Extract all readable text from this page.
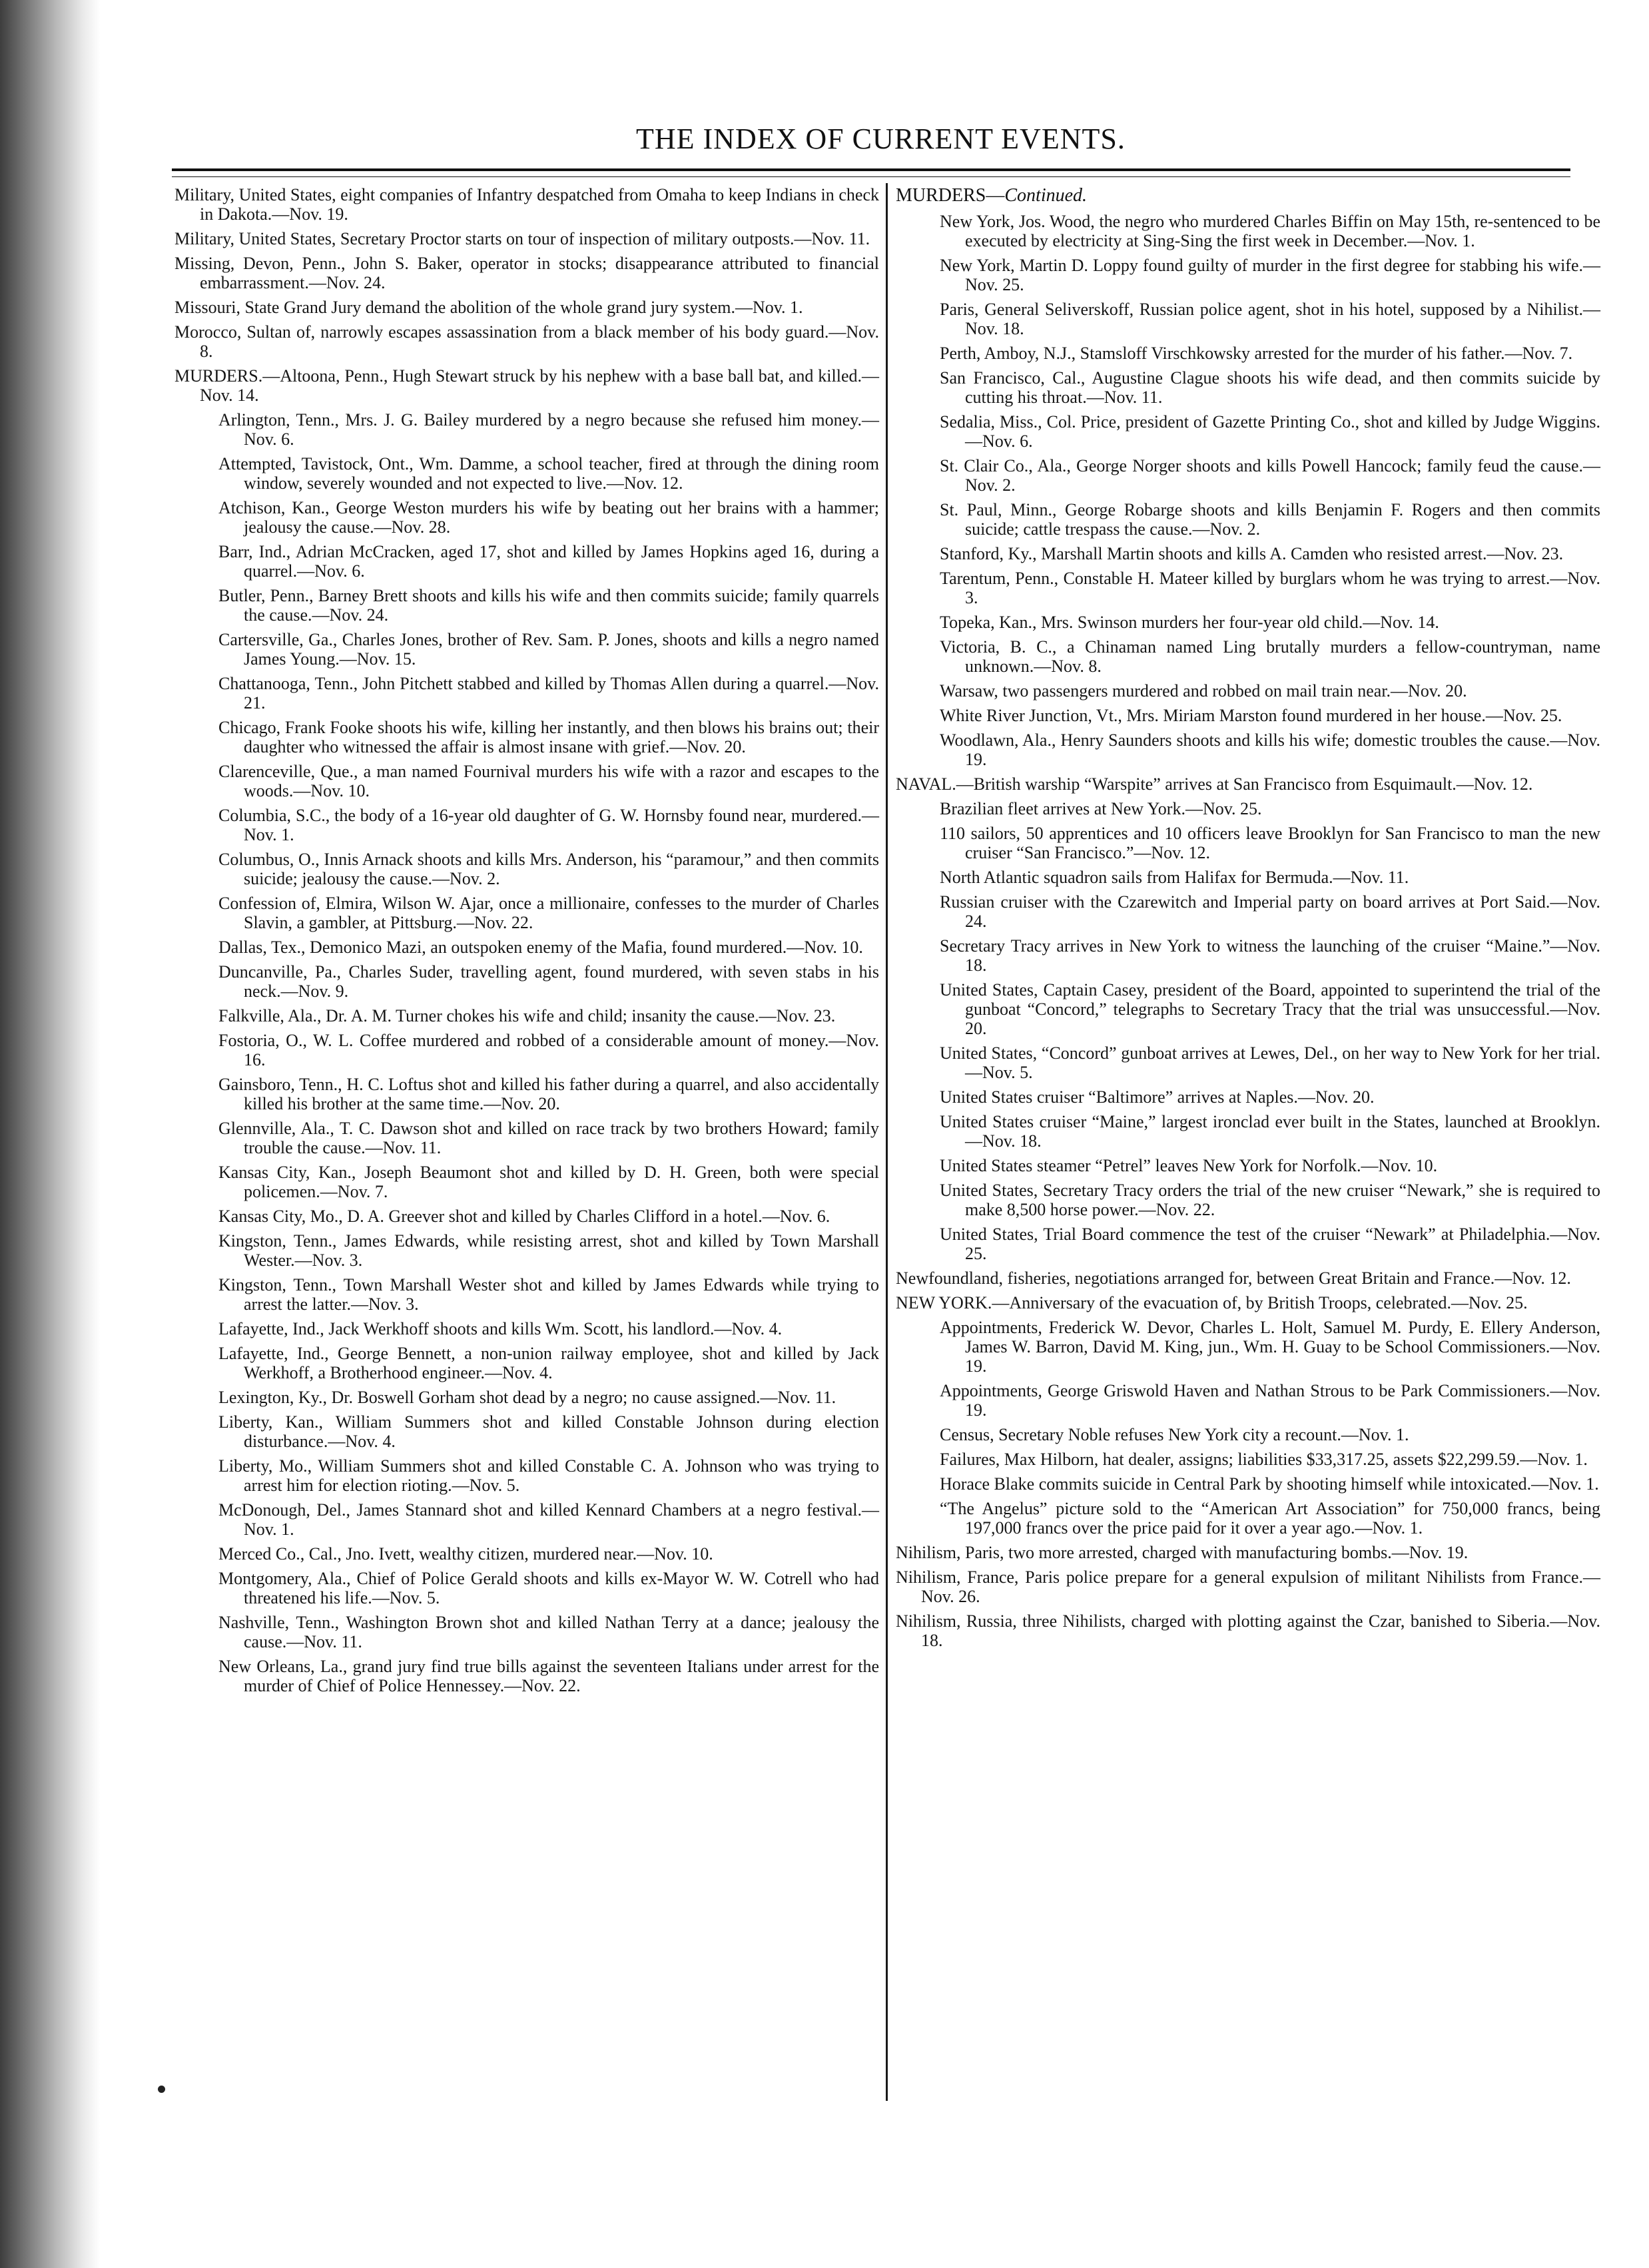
THE INDEX OF CURRENT EVENTS.
Military, United States, eight companies of Infantry despatched from Omaha to keep Indians in check in Dakota.—Nov. 19.
Military, United States, Secretary Proctor starts on tour of inspection of military outposts.—Nov. 11.
Missing, Devon, Penn., John S. Baker, operator in stocks; disappearance attributed to financial embarrassment.—Nov. 24.
Missouri, State Grand Jury demand the abolition of the whole grand jury system.—Nov. 1.
Morocco, Sultan of, narrowly escapes assassination from a black member of his body guard.—Nov. 8.
MURDERS.—Altoona, Penn., Hugh Stewart struck by his nephew with a base ball bat, and killed.—Nov. 14.
Arlington, Tenn., Mrs. J. G. Bailey murdered by a negro because she refused him money.—Nov. 6.
Attempted, Tavistock, Ont., Wm. Damme, a school teacher, fired at through the dining room window, severely wounded and not expected to live.—Nov. 12.
Atchison, Kan., George Weston murders his wife by beating out her brains with a hammer; jealousy the cause.—Nov. 28.
Barr, Ind., Adrian McCracken, aged 17, shot and killed by James Hopkins aged 16, during a quarrel.—Nov. 6.
Butler, Penn., Barney Brett shoots and kills his wife and then commits suicide; family quarrels the cause.—Nov. 24.
Cartersville, Ga., Charles Jones, brother of Rev. Sam. P. Jones, shoots and kills a negro named James Young.—Nov. 15.
Chattanooga, Tenn., John Pitchett stabbed and killed by Thomas Allen during a quarrel.—Nov. 21.
Chicago, Frank Fooke shoots his wife, killing her instantly, and then blows his brains out; their daughter who witnessed the affair is almost insane with grief.—Nov. 20.
Clarenceville, Que., a man named Fournival murders his wife with a razor and escapes to the woods.—Nov. 10.
Columbia, S.C., the body of a 16-year old daughter of G. W. Hornsby found near, murdered.—Nov. 1.
Columbus, O., Innis Arnack shoots and kills Mrs. Anderson, his “paramour,” and then commits suicide; jealousy the cause.—Nov. 2.
Confession of, Elmira, Wilson W. Ajar, once a millionaire, confesses to the murder of Charles Slavin, a gambler, at Pittsburg.—Nov. 22.
Dallas, Tex., Demonico Mazi, an outspoken enemy of the Mafia, found murdered.—Nov. 10.
Duncanville, Pa., Charles Suder, travelling agent, found murdered, with seven stabs in his neck.—Nov. 9.
Falkville, Ala., Dr. A. M. Turner chokes his wife and child; insanity the cause.—Nov. 23.
Fostoria, O., W. L. Coffee murdered and robbed of a considerable amount of money.—Nov. 16.
Gainsboro, Tenn., H. C. Loftus shot and killed his father during a quarrel, and also accidentally killed his brother at the same time.—Nov. 20.
Glennville, Ala., T. C. Dawson shot and killed on race track by two brothers Howard; family trouble the cause.—Nov. 11.
Kansas City, Kan., Joseph Beaumont shot and killed by D. H. Green, both were special policemen.—Nov. 7.
Kansas City, Mo., D. A. Greever shot and killed by Charles Clifford in a hotel.—Nov. 6.
Kingston, Tenn., James Edwards, while resisting arrest, shot and killed by Town Marshall Wester.—Nov. 3.
Kingston, Tenn., Town Marshall Wester shot and killed by James Edwards while trying to arrest the latter.—Nov. 3.
Lafayette, Ind., Jack Werkhoff shoots and kills Wm. Scott, his landlord.—Nov. 4.
Lafayette, Ind., George Bennett, a non-union railway employee, shot and killed by Jack Werkhoff, a Brotherhood engineer.—Nov. 4.
Lexington, Ky., Dr. Boswell Gorham shot dead by a negro; no cause assigned.—Nov. 11.
Liberty, Kan., William Summers shot and killed Constable Johnson during election disturbance.—Nov. 4.
Liberty, Mo., William Summers shot and killed Constable C. A. Johnson who was trying to arrest him for election rioting.—Nov. 5.
McDonough, Del., James Stannard shot and killed Kennard Chambers at a negro festival.—Nov. 1.
Merced Co., Cal., Jno. Ivett, wealthy citizen, murdered near.—Nov. 10.
Montgomery, Ala., Chief of Police Gerald shoots and kills ex-Mayor W. W. Cotrell who had threatened his life.—Nov. 5.
Nashville, Tenn., Washington Brown shot and killed Nathan Terry at a dance; jealousy the cause.—Nov. 11.
New Orleans, La., grand jury find true bills against the seventeen Italians under arrest for the murder of Chief of Police Hennessey.—Nov. 22.
MURDERS—Continued.
New York, Jos. Wood, the negro who murdered Charles Biffin on May 15th, re-sentenced to be executed by electricity at Sing-Sing the first week in December.—Nov. 1.
New York, Martin D. Loppy found guilty of murder in the first degree for stabbing his wife.—Nov. 25.
Paris, General Seliverskoff, Russian police agent, shot in his hotel, supposed by a Nihilist.—Nov. 18.
Perth, Amboy, N.J., Stamsloff Virschkowsky arrested for the murder of his father.—Nov. 7.
San Francisco, Cal., Augustine Clague shoots his wife dead, and then commits suicide by cutting his throat.—Nov. 11.
Sedalia, Miss., Col. Price, president of Gazette Printing Co., shot and killed by Judge Wiggins.—Nov. 6.
St. Clair Co., Ala., George Norger shoots and kills Powell Hancock; family feud the cause.—Nov. 2.
St. Paul, Minn., George Robarge shoots and kills Benjamin F. Rogers and then commits suicide; cattle trespass the cause.—Nov. 2.
Stanford, Ky., Marshall Martin shoots and kills A. Camden who resisted arrest.—Nov. 23.
Tarentum, Penn., Constable H. Mateer killed by burglars whom he was trying to arrest.—Nov. 3.
Topeka, Kan., Mrs. Swinson murders her four-year old child.—Nov. 14.
Victoria, B. C., a Chinaman named Ling brutally murders a fellow-countryman, name unknown.—Nov. 8.
Warsaw, two passengers murdered and robbed on mail train near.—Nov. 20.
White River Junction, Vt., Mrs. Miriam Marston found murdered in her house.—Nov. 25.
Woodlawn, Ala., Henry Saunders shoots and kills his wife; domestic troubles the cause.—Nov. 19.
NAVAL.—British warship “Warspite” arrives at San Francisco from Esquimault.—Nov. 12.
Brazilian fleet arrives at New York.—Nov. 25.
110 sailors, 50 apprentices and 10 officers leave Brooklyn for San Francisco to man the new cruiser “San Francisco.”—Nov. 12.
North Atlantic squadron sails from Halifax for Bermuda.—Nov. 11.
Russian cruiser with the Czarewitch and Imperial party on board arrives at Port Said.—Nov. 24.
Secretary Tracy arrives in New York to witness the launching of the cruiser “Maine.”—Nov. 18.
United States, Captain Casey, president of the Board, appointed to superintend the trial of the gunboat “Concord,” telegraphs to Secretary Tracy that the trial was unsuccessful.—Nov. 20.
United States, “Concord” gunboat arrives at Lewes, Del., on her way to New York for her trial.—Nov. 5.
United States cruiser “Baltimore” arrives at Naples.—Nov. 20.
United States cruiser “Maine,” largest ironclad ever built in the States, launched at Brooklyn.—Nov. 18.
United States steamer “Petrel” leaves New York for Norfolk.—Nov. 10.
United States, Secretary Tracy orders the trial of the new cruiser “Newark,” she is required to make 8,500 horse power.—Nov. 22.
United States, Trial Board commence the test of the cruiser “Newark” at Philadelphia.—Nov. 25.
Newfoundland, fisheries, negotiations arranged for, between Great Britain and France.—Nov. 12.
NEW YORK.—Anniversary of the evacuation of, by British Troops, celebrated.—Nov. 25.
Appointments, Frederick W. Devor, Charles L. Holt, Samuel M. Purdy, E. Ellery Anderson, James W. Barron, David M. King, jun., Wm. H. Guay to be School Commissioners.—Nov. 19.
Appointments, George Griswold Haven and Nathan Strous to be Park Commissioners.—Nov. 19.
Census, Secretary Noble refuses New York city a recount.—Nov. 1.
Failures, Max Hilborn, hat dealer, assigns; liabilities $33,317.25, assets $22,299.59.—Nov. 1.
Horace Blake commits suicide in Central Park by shooting himself while intoxicated.—Nov. 1.
“The Angelus” picture sold to the “American Art Association” for 750,000 francs, being 197,000 francs over the price paid for it over a year ago.—Nov. 1.
Nihilism, Paris, two more arrested, charged with manufacturing bombs.—Nov. 19.
Nihilism, France, Paris police prepare for a general expulsion of militant Nihilists from France.—Nov. 26.
Nihilism, Russia, three Nihilists, charged with plotting against the Czar, banished to Siberia.—Nov. 18.
